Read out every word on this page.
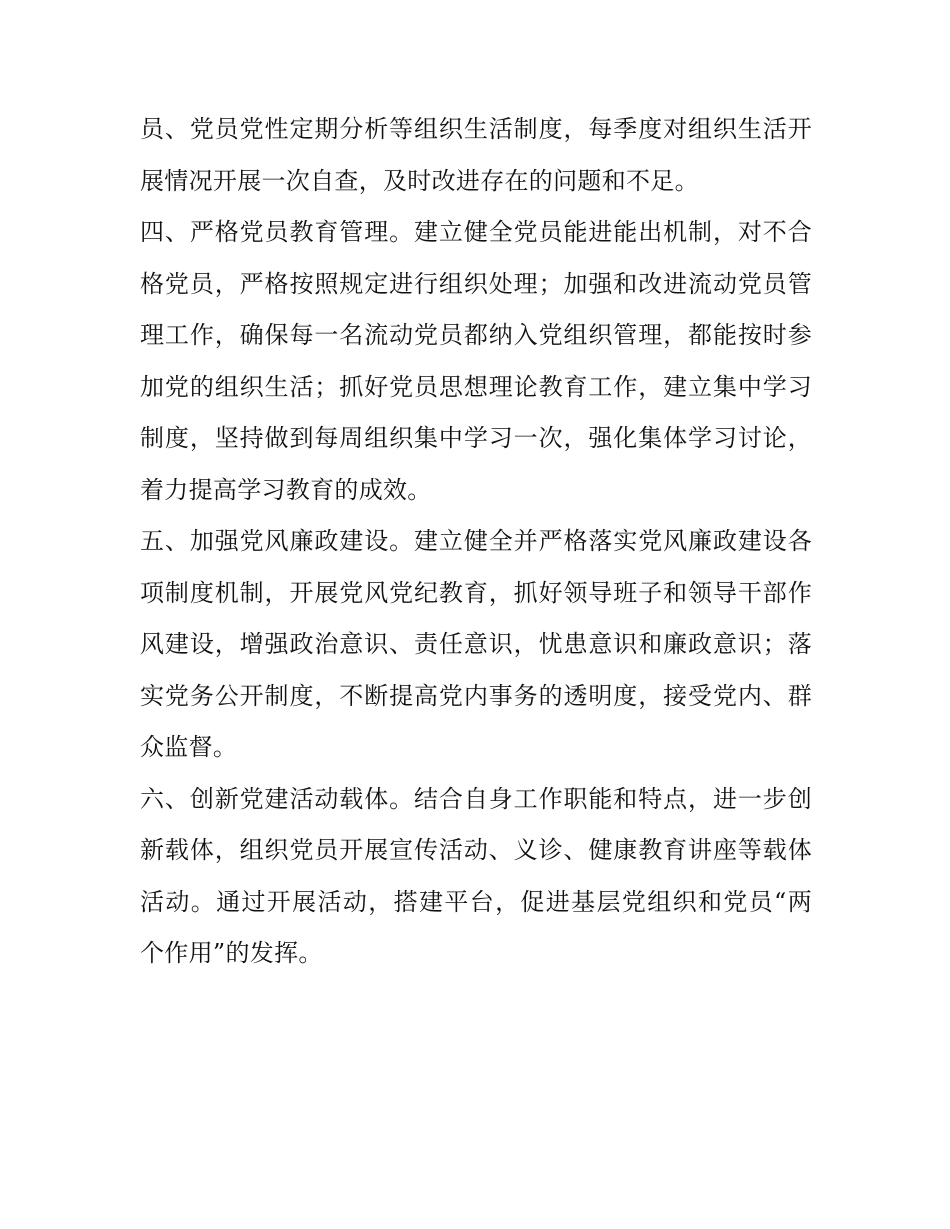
员、党员党性定期分析等组织生活制度，每季度对组织生活开
展情况开展一次自查，及时改进存在的问题和不足。
四、严格党员教育管理。建立健全党员能进能出机制，对不合
格党员，严格按照规定进行组织处理；加强和改进流动党员管
理工作，确保每一名流动党员都纳入党组织管理，都能按时参
加党的组织生活；抓好党员思想理论教育工作，建立集中学习
制度，坚持做到每周组织集中学习一次，强化集体学习讨论，
着力提高学习教育的成效。
五、加强党风廉政建设。建立健全并严格落实党风廉政建设各
项制度机制，开展党风党纪教育，抓好领导班子和领导干部作
风建设，增强政治意识、责任意识，忧患意识和廉政意识；落
实党务公开制度，不断提高党内事务的透明度，接受党内、群
众监督。
六、创新党建活动载体。结合自身工作职能和特点，进一步创
新载体，组织党员开展宣传活动、义诊、健康教育讲座等载体
活动。通过开展活动，搭建平台，促进基层党组织和党员“两
个作用”的发挥。
